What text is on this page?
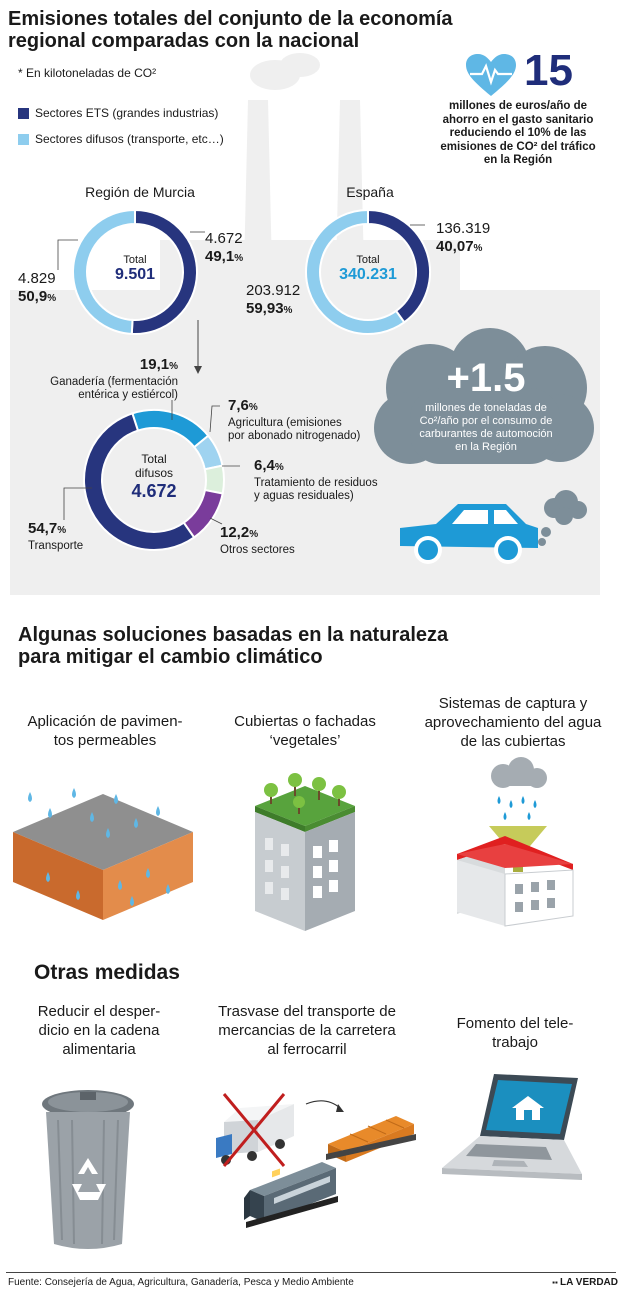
Emisiones totales del conjunto de la economía
regional comparadas con la nacional
* En kilotoneladas de CO²
Sectores ETS (grandes industrias)
Sectores difusos (transporte, etc…)
15
millones de euros/año de
ahorro en el gasto sanitario
reduciendo el 10% de las
emisiones de CO² del tráfico
en la Región
Región de Murcia
Total
9.501
4.829
50,9%
4.672
49,1%
España
Total
340.231
136.319
40,07%
203.912
59,93%
+1.5
millones de toneladas de
Co²/año por el consumo de
carburantes de automoción
en la Región
Total
difusos
4.672
19,1%
Ganadería (fermentación
entérica y estiércol)
7,6%
Agricultura (emisiones
por abonado nitrogenado)
6,4%
Tratamiento de residuos
y aguas residuales)
12,2%
Otros sectores
54,7%
Transporte
Algunas soluciones basadas en la naturaleza
para mitigar el cambio climático
Aplicación de pavimen-
tos permeables
Cubiertas o fachadas
‘vegetales’
Sistemas de captura y
aprovechamiento del agua
de las cubiertas
Otras medidas
Reducir el desper-
dicio en la cadena
alimentaria
Trasvase del transporte de
mercancias de la carretera
al ferrocarril
Fomento del tele-
trabajo
Fuente: Consejería de Agua, Agricultura, Ganadería, Pesca y Medio Ambiente	▪▪ LA VERDAD
